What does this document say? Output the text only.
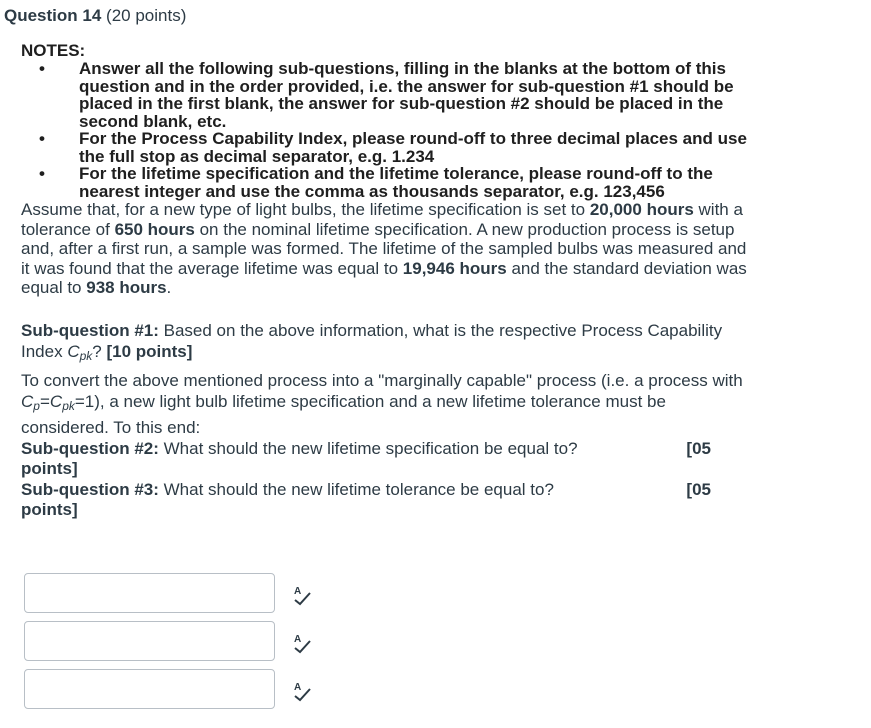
Question 14 (20 points)

NOTES:

• Answer all the following sub-questions, filling in the blanks at the bottom of this question and in the order provided, i.e. the answer for sub-question #1 should be placed in the first blank, the answer for sub-question #2 should be placed in the second blank, etc.
• For the Process Capability Index, please round-off to three decimal places and use the full stop as decimal separator, e.g. 1.234
• For the lifetime specification and the lifetime tolerance, please round-off to the nearest integer and use the comma as thousands separator, e.g. 123,456

Assume that, for a new type of light bulbs, the lifetime specification is set to 20,000 hours with a tolerance of 650 hours on the nominal lifetime specification. A new production process is setup and, after a first run, a sample was formed. The lifetime of the sampled bulbs was measured and it was found that the average lifetime was equal to 19,946 hours and the standard deviation was equal to 938 hours.

Sub-question #1: Based on the above information, what is the respective Process Capability Index $C_{pk}$? [10 points]

To convert the above mentioned process into a "marginally capable" process (i.e. a process with $C_p=C_{pk}=1$), a new light bulb lifetime specification and a new lifetime tolerance must be considered. To this end:

Sub-question #2: What should the new lifetime specification be equal to?	[05

points]

Sub-question #3: What should the new lifetime tolerance be equal to?	[05

points]

A
A
A
